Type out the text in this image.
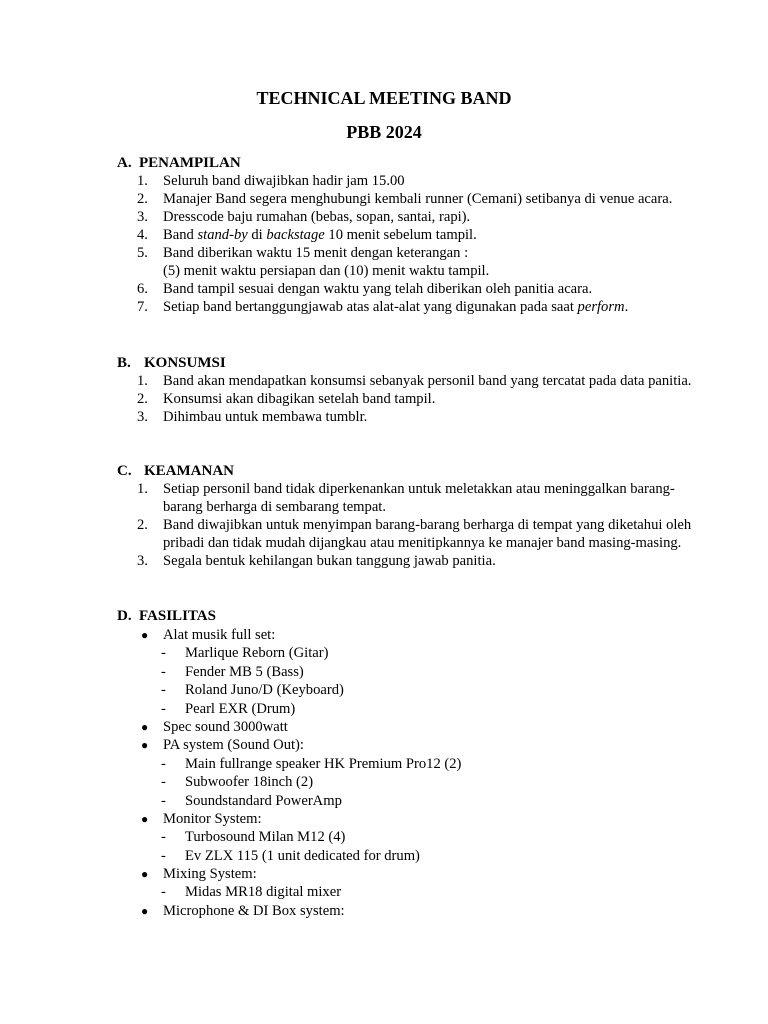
TECHNICAL MEETING BAND
PBB 2024
A. PENAMPILAN
1. Seluruh band diwajibkan hadir jam 15.00
2. Manajer Band segera menghubungi kembali runner (Cemani) setibanya di venue acara.
3. Dresscode baju rumahan (bebas, sopan, santai, rapi).
4. Band stand-by di backstage 10 menit sebelum tampil.
5. Band diberikan waktu 15 menit dengan keterangan :
(5) menit waktu persiapan dan (10) menit waktu tampil.
6. Band tampil sesuai dengan waktu yang telah diberikan oleh panitia acara.
7. Setiap band bertanggungjawab atas alat-alat yang digunakan pada saat perform.
B. KONSUMSI
1. Band akan mendapatkan konsumsi sebanyak personil band yang tercatat pada data panitia.
2. Konsumsi akan dibagikan setelah band tampil.
3. Dihimbau untuk membawa tumblr.
C. KEAMANAN
1. Setiap personil band tidak diperkenankan untuk meletakkan atau meninggalkan barang-barang berharga di sembarang tempat.
2. Band diwajibkan untuk menyimpan barang-barang berharga di tempat yang diketahui oleh pribadi dan tidak mudah dijangkau atau menitipkannya ke manajer band masing-masing.
3. Segala bentuk kehilangan bukan tanggung jawab panitia.
D. FASILITAS
● Alat musik full set:
- Marlique Reborn (Gitar)
- Fender MB 5 (Bass)
- Roland Juno/D (Keyboard)
- Pearl EXR (Drum)
● Spec sound 3000watt
● PA system (Sound Out):
- Main fullrange speaker HK Premium Pro12 (2)
- Subwoofer 18inch (2)
- Soundstandard PowerAmp
● Monitor System:
- Turbosound Milan M12 (4)
- Ev ZLX 115 (1 unit dedicated for drum)
● Mixing System:
- Midas MR18 digital mixer
● Microphone & DI Box system:
